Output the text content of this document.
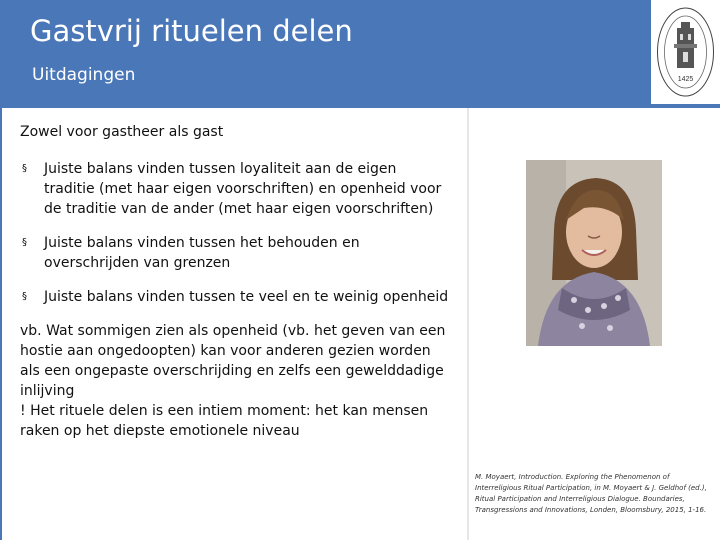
Gastvrij rituelen delen
Uitdagingen	1425

Zowel voor gastheer als gast

§	Juiste balans vinden tussen loyaliteit aan de eigen traditie (met haar eigen voorschriften) en openheid voor de traditie van de ander (met haar eigen voorschriften)
§	Juiste balans vinden tussen het behouden en overschrijden van grenzen
§	Juiste balans vinden tussen te veel en te weinig openheid

vb. Wat sommigen zien als openheid (vb. het geven van een hostie aan ongedoopten) kan voor anderen gezien worden als een ongepaste overschrijding en zelfs een gewelddadige inlijving

! Het rituele delen is een intiem moment: het kan mensen raken op het diepste emotionele niveau

M. Moyaert, Introduction. Exploring the Phenomenon of Interreligious Ritual Participation, in M. Moyaert & J. Geldhof (ed.), Ritual Participation and Interreligious Dialogue. Boundaries, Transgressions and Innovations, Londen, Bloomsbury, 2015, 1-16.
